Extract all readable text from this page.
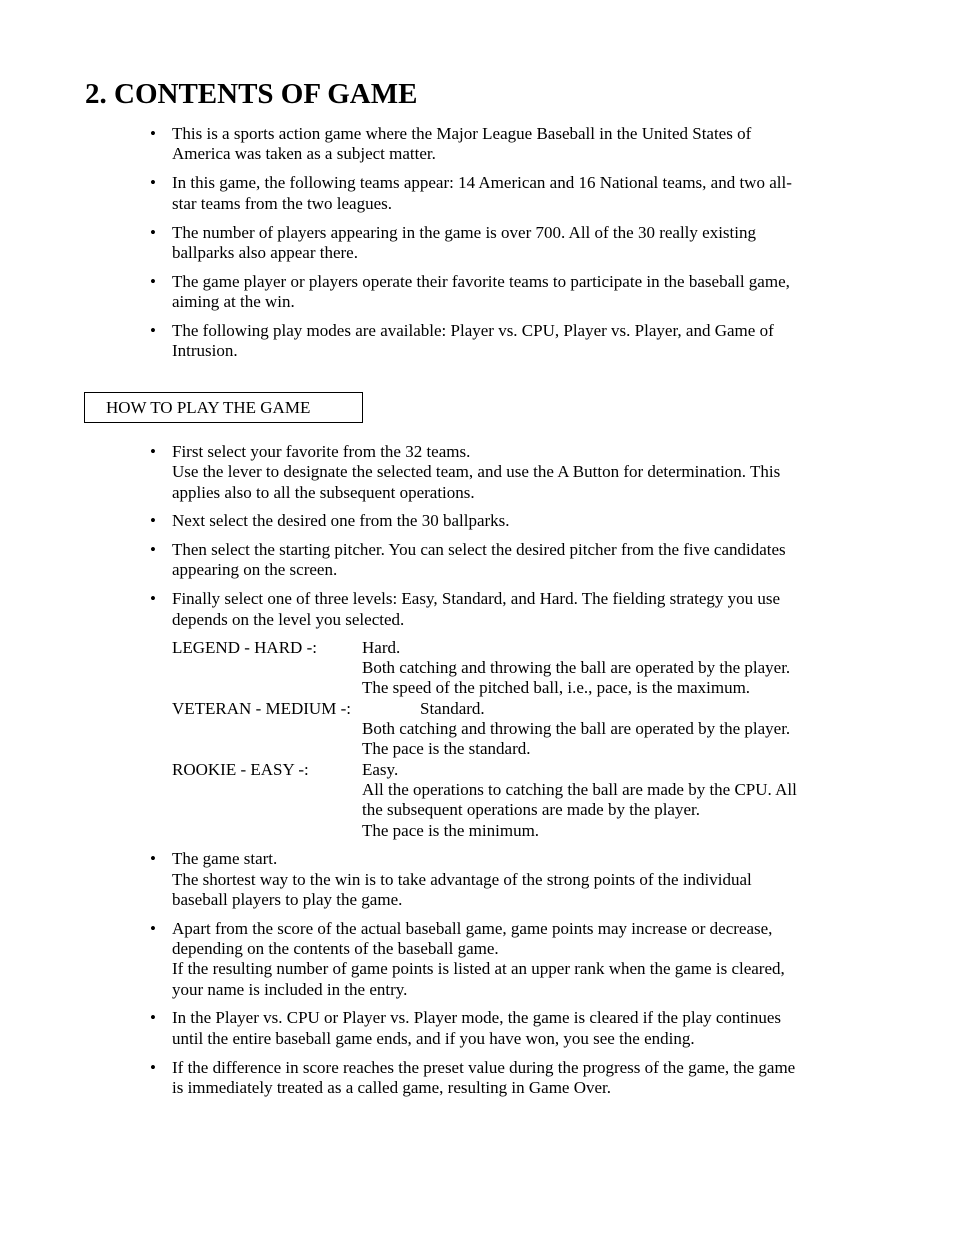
2. CONTENTS OF GAME
• This is a sports action game where the Major League Baseball in the United States of America was taken as a subject matter.
• In this game, the following teams appear: 14 American and 16 National teams, and two all-star teams from the two leagues.
• The number of players appearing in the game is over 700. All of the 30 really existing ballparks also appear there.
• The game player or players operate their favorite teams to participate in the baseball game, aiming at the win.
• The following play modes are available: Player vs. CPU, Player vs. Player, and Game of Intrusion.
HOW TO PLAY THE GAME
• First select your favorite from the 32 teams.
Use the lever to designate the selected team, and use the A Button for determination. This applies also to all the subsequent operations.
• Next select the desired one from the 30 ballparks.
• Then select the starting pitcher. You can select the desired pitcher from the five candidates appearing on the screen.
• Finally select one of three levels: Easy, Standard, and Hard. The fielding strategy you use depends on the level you selected.
LEGEND - HARD -:	Hard.
Both catching and throwing the ball are operated by the player. The speed of the pitched ball, i.e., pace, is the maximum.
VETERAN - MEDIUM -:	Standard.
Both catching and throwing the ball are operated by the player. The pace is the standard.
ROOKIE - EASY -:	Easy.
All the operations to catching the ball are made by the CPU. All the subsequent operations are made by the player.
The pace is the minimum.
• The game start.
The shortest way to the win is to take advantage of the strong points of the individual baseball players to play the game.
• Apart from the score of the actual baseball game, game points may increase or decrease, depending on the contents of the baseball game.
If the resulting number of game points is listed at an upper rank when the game is cleared, your name is included in the entry.
• In the Player vs. CPU or Player vs. Player mode, the game is cleared if the play continues until the entire baseball game ends, and if you have won, you see the ending.
• If the difference in score reaches the preset value during the progress of the game, the game is immediately treated as a called game, resulting in Game Over.
